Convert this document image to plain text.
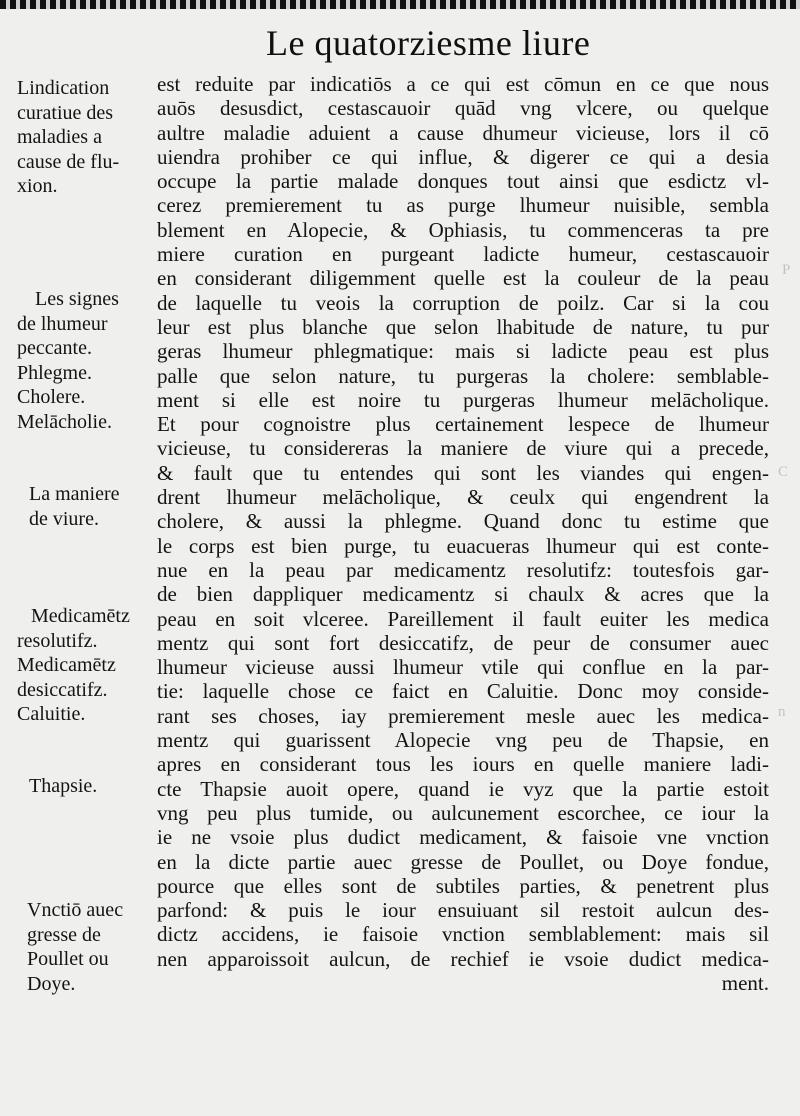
P
C
n
Le quatorziesme liure
Lindication
curatiue des
maladies a
cause de flu-
xion.
Les signes
de lhumeur
peccante.
Phlegme.
Cholere.
Melācholie.
La maniere
de viure.
Medicamētz
resolutifz.
Medicamētz
desiccatifz.
Caluitie.
Thapsie.
Vnctiō auec
gresse de
Poullet ou
Doye.
est reduite par indicatiōs a ce qui est cōmun en ce que nous
auōs desusdict, cestascauoir quād vng vlcere, ou quelque
aultre maladie aduient a cause dhumeur vicieuse, lors il cō
uiendra prohiber ce qui influe, & digerer ce qui a desia
occupe la partie malade donques tout ainsi que esdictz vl-
cerez premierement tu as purge lhumeur nuisible, sembla
blement en Alopecie, & Ophiasis, tu commenceras ta pre
miere curation en purgeant ladicte humeur, cestascauoir
en considerant diligemment quelle est la couleur de la peau
de laquelle tu veois la corruption de poilz. Car si la cou
leur est plus blanche que selon lhabitude de nature, tu pur
geras lhumeur phlegmatique: mais si ladicte peau est plus
palle que selon nature, tu purgeras la cholere: semblable-
ment si elle est noire tu purgeras lhumeur melācholique.
Et pour cognoistre plus certainement lespece de lhumeur
vicieuse, tu considereras la maniere de viure qui a precede,
& fault que tu entendes qui sont les viandes qui engen-
drent lhumeur melācholique, & ceulx qui engendrent la
cholere, & aussi la phlegme. Quand donc tu estime que
le corps est bien purge, tu euacueras lhumeur qui est conte-
nue en la peau par medicamentz resolutifz: toutesfois gar-
de bien dappliquer medicamentz si chaulx & acres que la
peau en soit vlceree. Pareillement il fault euiter les medica
mentz qui sont fort desiccatifz, de peur de consumer auec
lhumeur vicieuse aussi lhumeur vtile qui conflue en la par-
tie: laquelle chose ce faict en Caluitie. Donc moy conside-
rant ses choses, iay premierement mesle auec les medica-
mentz qui guarissent Alopecie vng peu de Thapsie, en
apres en considerant tous les iours en quelle maniere ladi-
cte Thapsie auoit opere, quand ie vyz que la partie estoit
vng peu plus tumide, ou aulcunement escorchee, ce iour la
ie ne vsoie plus dudict medicament, & faisoie vne vnction
en la dicte partie auec gresse de Poullet, ou Doye fondue,
pource que elles sont de subtiles parties, & penetrent plus
parfond: & puis le iour ensuiuant sil restoit aulcun des-
dictz accidens, ie faisoie vnction semblablement: mais sil
nen apparoissoit aulcun, de rechief ie vsoie dudict medica-
ment.
